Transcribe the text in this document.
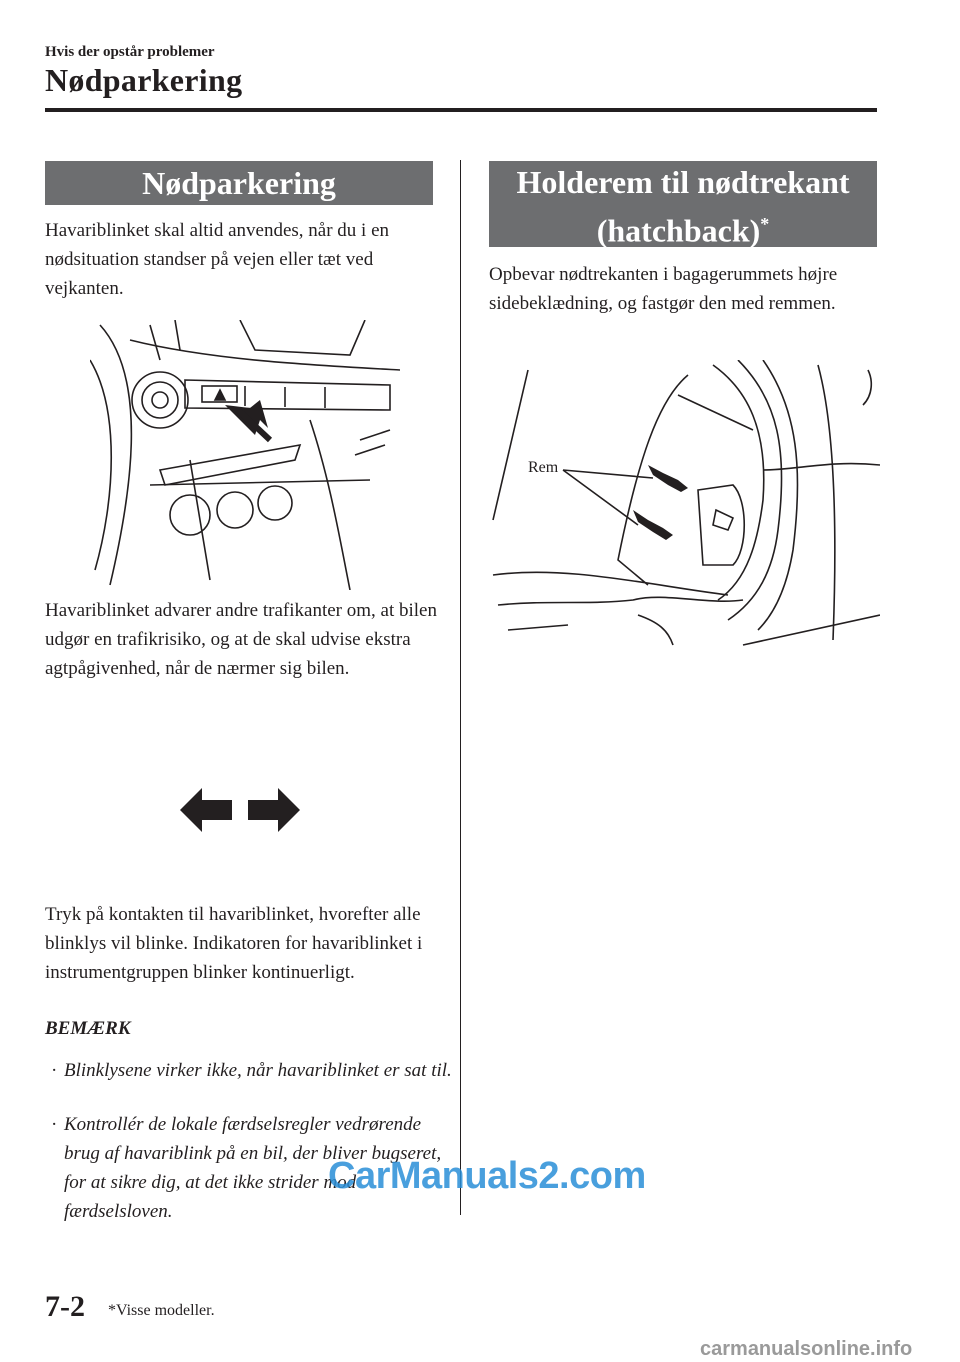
Hvis der opstår problemer
Nødparkering
Nødparkering
Havariblinket skal altid anvendes, når du i en nødsituation standser på vejen eller tæt ved vejkanten.
Havariblinket advarer andre trafikanter om, at bilen udgør en trafikrisiko, og at de skal udvise ekstra agtpågivenhed, når de nærmer sig bilen.
Tryk på kontakten til havariblinket, hvorefter alle blinklys vil blinke. Indikatoren for havariblinket i instrumentgruppen blinker kontinuerligt.
BEMÆRK
· Blinklysene virker ikke, når havariblinket er sat til.
· Kontrollér de lokale færdselsregler vedrørende brug af havariblink på en bil, der bliver bugseret, for at sikre dig, at det ikke strider mod færdselsloven.
Holderem til nødtrekant
(hatchback)*
Opbevar nødtrekanten i bagagerummets højre sidebeklædning, og fastgør den med remmen.
Rem
7-2 *Visse modeller.
CarManuals2.com
carmanualsonline.info
